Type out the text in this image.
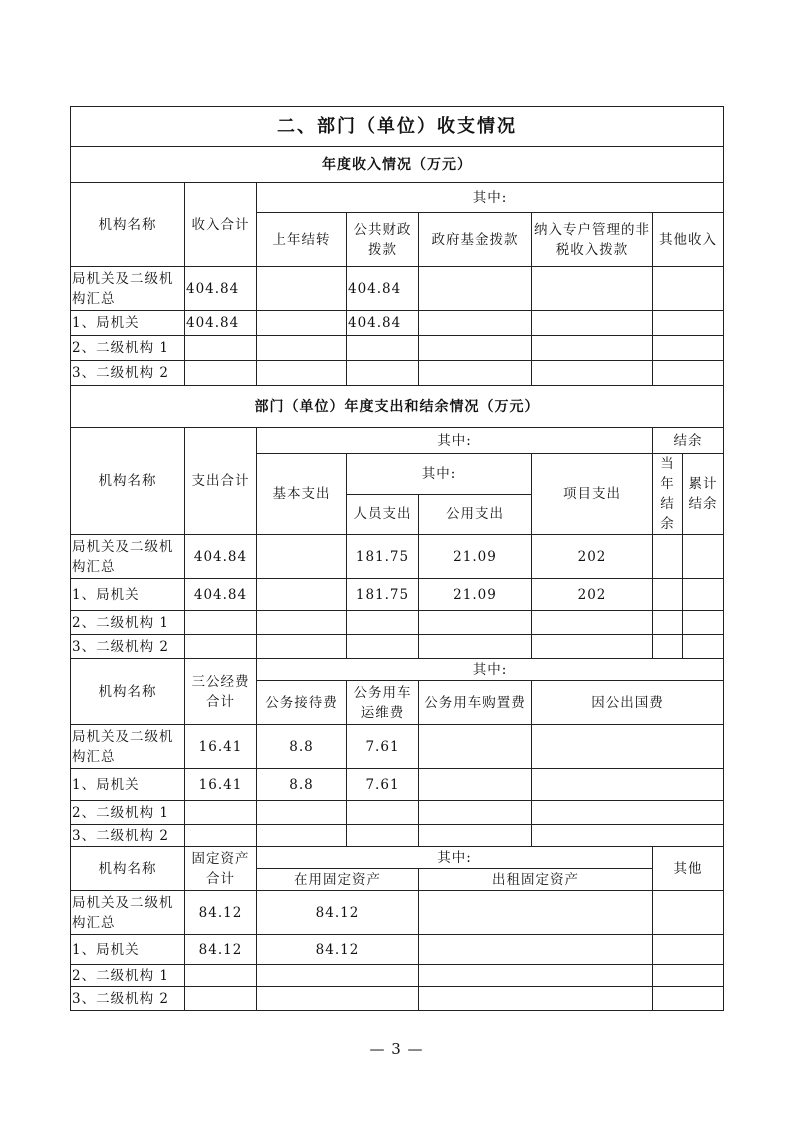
二、部门（单位）收支情况							
年度收入情况（万元）							
机构名称	收入合计	其中:					
		上年结转	公共财政拨款	政府基金拨款	纳入专户管理的非税收入拨款	其他收入	
局机关及二级机构汇总	404.84		404.84				
1、局机关	404.84		404.84				
2、二级机构 1							
3、二级机构 2							
部门（单位）年度支出和结余情况（万元）							
机构名称	支出合计	其中:				结余	
		基本支出	其中:		项目支出	当年结余	累计结余
			人员支出	公用支出			
局机关及二级机构汇总	404.84		181.75	21.09	202		
1、局机关	404.84		181.75	21.09	202		
2、二级机构 1							
3、二级机构 2							
机构名称	三公经费合计	其中:					
		公务接待费	公务用车运维费	公务用车购置费	因公出国费		
局机关及二级机构汇总	16.41	8.8	7.61				
1、局机关	16.41	8.8	7.61				
2、二级机构 1							
3、二级机构 2							
机构名称	固定资产合计	其中:				其他	
		在用固定资产		出租固定资产			
局机关及二级机构汇总	84.12	84.12					
1、局机关	84.12	84.12					
2、二级机构 1							
3、二级机构 2							
— 3 —
